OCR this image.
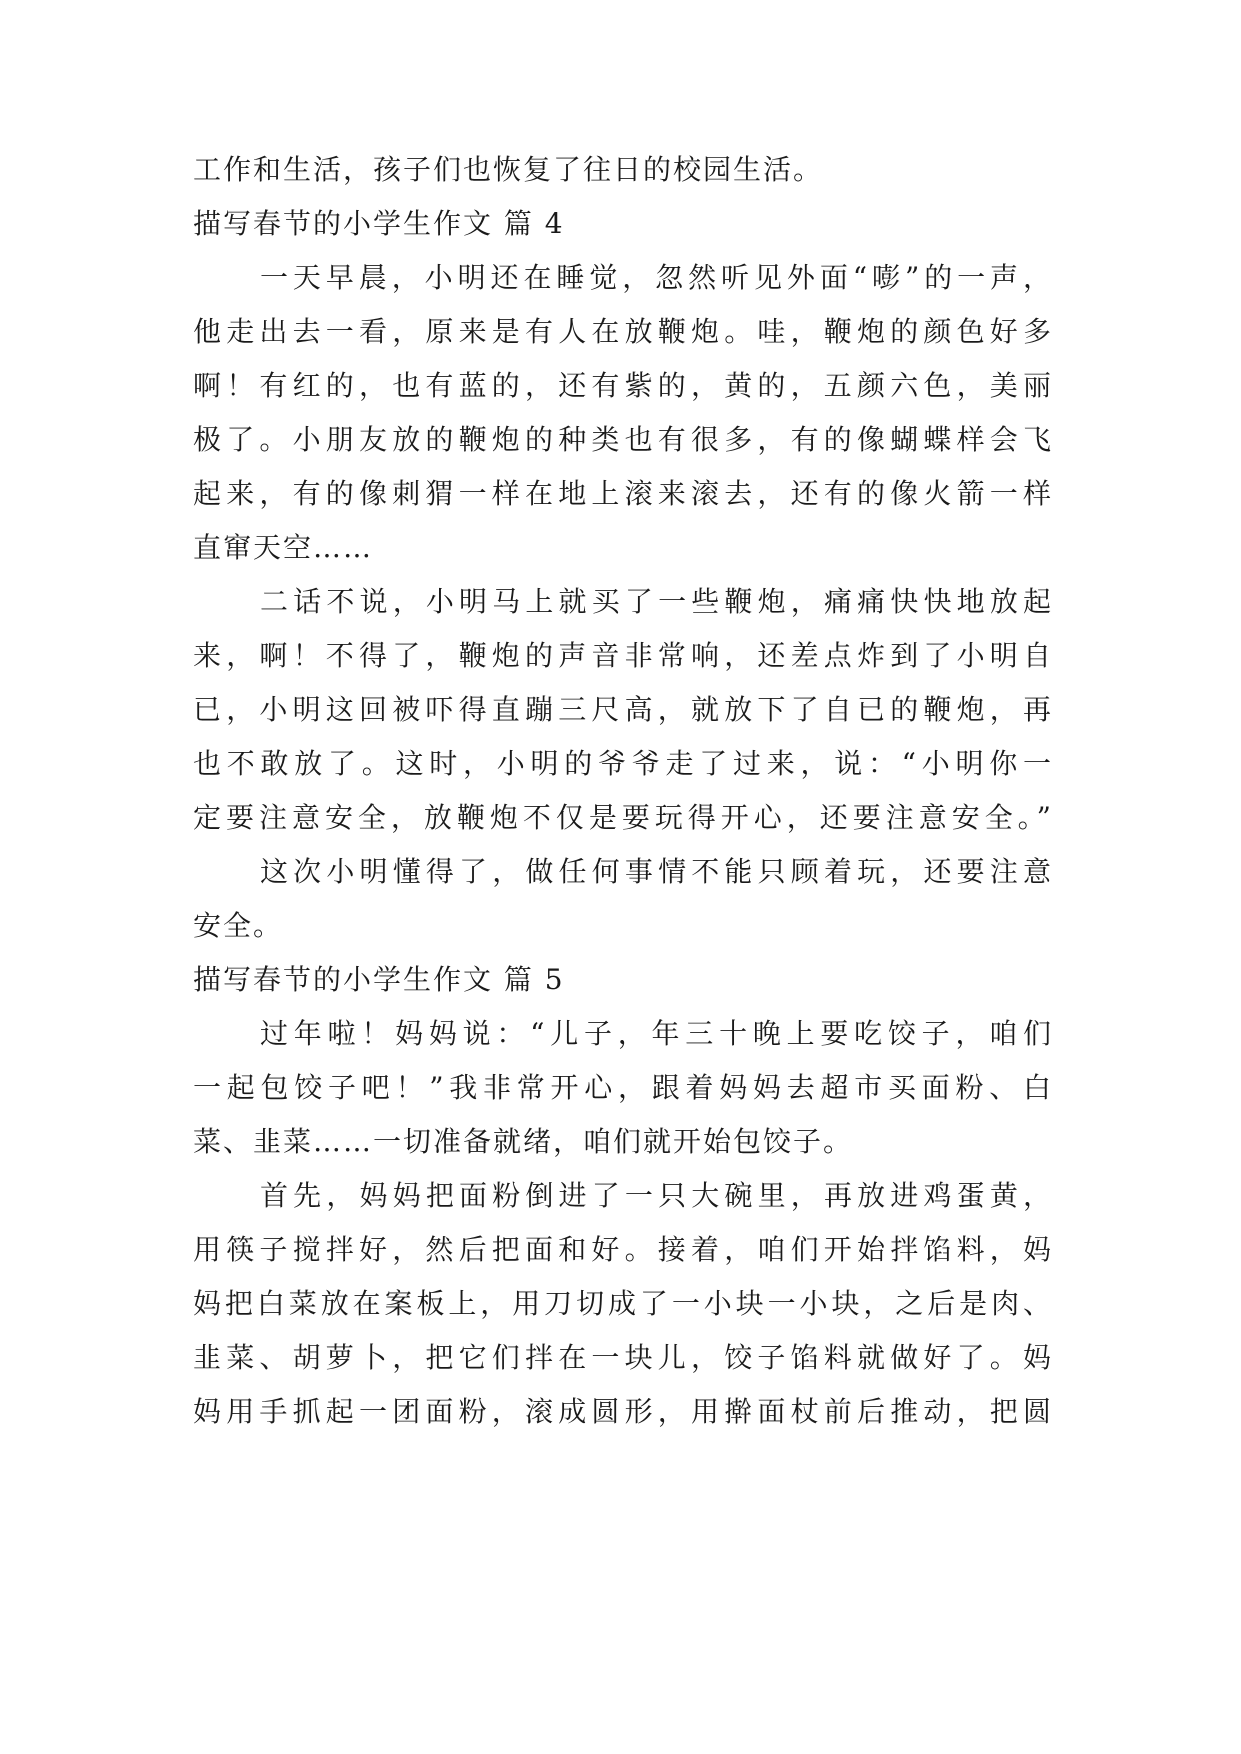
工作和生活，孩子们也恢复了往日的校园生活。
描写春节的小学生作文 篇 4
一天早晨，小明还在睡觉，忽然听见外面“嘭”的一声，
他走出去一看，原来是有人在放鞭炮。哇，鞭炮的颜色好多
啊！有红的，也有蓝的，还有紫的，黄的，五颜六色，美丽
极了。小朋友放的鞭炮的种类也有很多，有的像蝴蝶样会飞
起来，有的像刺猬一样在地上滚来滚去，还有的像火箭一样
直窜天空……
二话不说，小明马上就买了一些鞭炮，痛痛快快地放起
来，啊！不得了，鞭炮的声音非常响，还差点炸到了小明自
已，小明这回被吓得直蹦三尺高，就放下了自已的鞭炮，再
也不敢放了。这时，小明的爷爷走了过来，说：“小明你一
定要注意安全，放鞭炮不仅是要玩得开心，还要注意安全。”
这次小明懂得了，做任何事情不能只顾着玩，还要注意
安全。
描写春节的小学生作文 篇 5
过年啦！妈妈说：“儿子，年三十晚上要吃饺子，咱们
一起包饺子吧！”我非常开心，跟着妈妈去超市买面粉、白
菜、韭菜……一切准备就绪，咱们就开始包饺子。
首先，妈妈把面粉倒进了一只大碗里，再放进鸡蛋黄，
用筷子搅拌好，然后把面和好。接着，咱们开始拌馅料，妈
妈把白菜放在案板上，用刀切成了一小块一小块，之后是肉、
韭菜、胡萝卜，把它们拌在一块儿，饺子馅料就做好了。妈
妈用手抓起一团面粉，滚成圆形，用擀面杖前后推动，把圆
